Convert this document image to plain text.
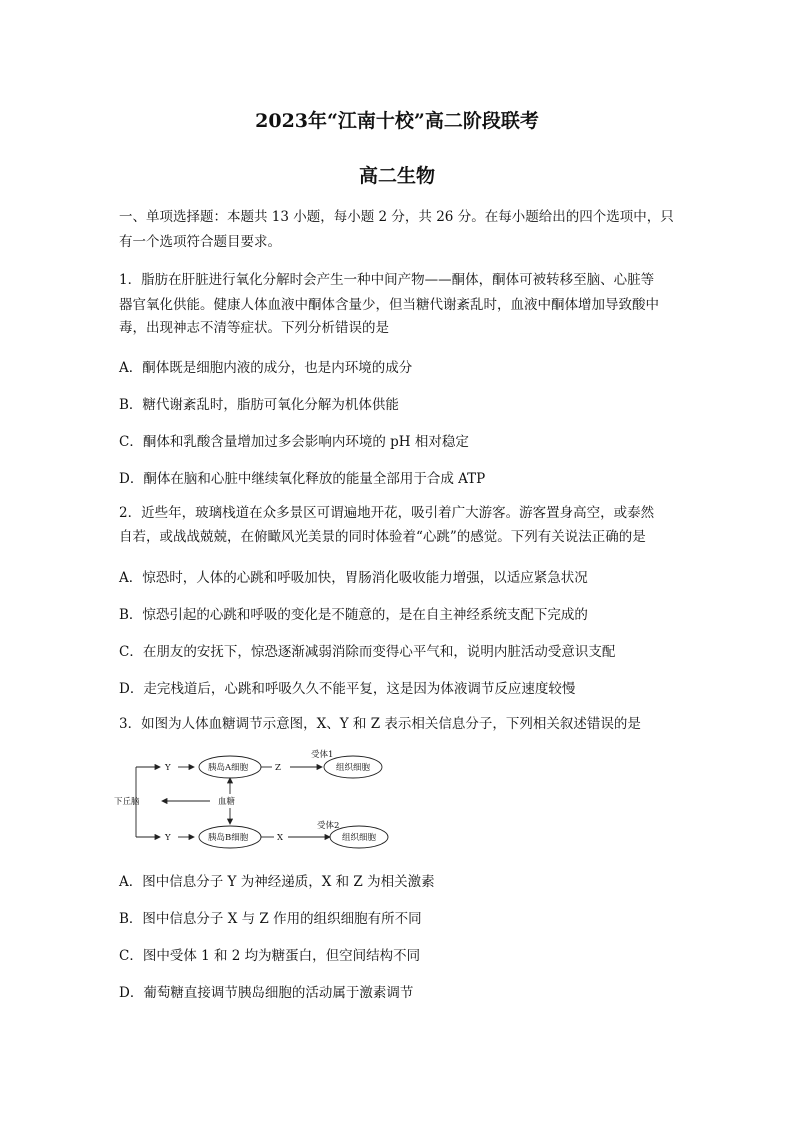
2023年“江南十校”高二阶段联考
高二生物
一、单项选择题：本题共 13 小题，每小题 2 分，共 26 分。在每小题给出的四个选项中，只
有一个选项符合题目要求。
1．脂肪在肝脏进行氧化分解时会产生一种中间产物——酮体，酮体可被转移至脑、心脏等
器官氧化供能。健康人体血液中酮体含量少，但当糖代谢紊乱时，血液中酮体增加导致酸中
毒，出现神志不清等症状。下列分析错误的是
A．酮体既是细胞内液的成分，也是内环境的成分
B．糖代谢紊乱时，脂肪可氧化分解为机体供能
C．酮体和乳酸含量增加过多会影响内环境的 pH 相对稳定
D．酮体在脑和心脏中继续氧化释放的能量全部用于合成 ATP
2．近些年，玻璃栈道在众多景区可谓遍地开花，吸引着广大游客。游客置身高空，或泰然
自若，或战战兢兢，在俯瞰风光美景的同时体验着“心跳”的感觉。下列有关说法正确的是
A．惊恐时，人体的心跳和呼吸加快，胃肠消化吸收能力增强，以适应紧急状况
B．惊恐引起的心跳和呼吸的变化是不随意的，是在自主神经系统支配下完成的
C．在朋友的安抚下，惊恐逐渐减弱消除而变得心平气和，说明内脏活动受意识支配
D．走完栈道后，心跳和呼吸久久不能平复，这是因为体液调节反应速度较慢
3．如图为人体血糖调节示意图，X、Y 和 Z 表示相关信息分子，下列相关叙述错误的是
下丘脑	血糖
胰岛A细胞
胰岛B细胞
组织细胞
组织细胞
受体1
受体2
Y
Y
Z
X
A．图中信息分子 Y 为神经递质，X 和 Z 为相关激素
B．图中信息分子 X 与 Z 作用的组织细胞有所不同
C．图中受体 1 和 2 均为糖蛋白，但空间结构不同
D．葡萄糖直接调节胰岛细胞的活动属于激素调节
